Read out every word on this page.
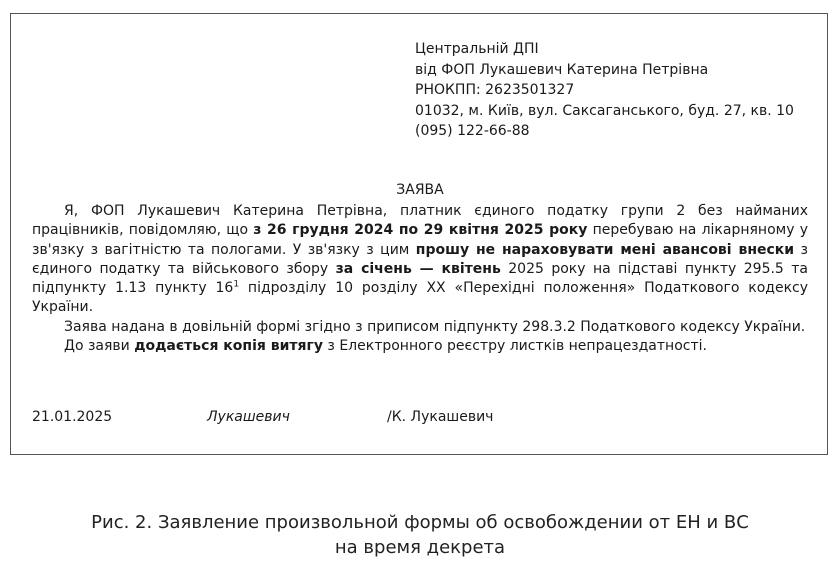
Центральній ДПІ
від ФОП Лукашевич Катерина Петрівна
РНОКПП: 2623501327
01032, м. Київ, вул. Саксаганського, буд. 27, кв. 10
(095) 122-66-88
ЗАЯВА

Я, ФОП Лукашевич Катерина Петрівна, платник єдиного податку групи 2 без найманих працівників, повідомляю, що з 26 грудня 2024 по 29 квітня 2025 року перебуваю на лікарняному у зв'язку з вагітністю та пологами. У зв'язку з цим прошу не нараховувати мені авансові внески з єдиного податку та військового збору за січень — квітень 2025 року на підставі пункту 295.5 та підпункту 1.13 пункту $16^1$ підрозділу 10 розділу XX «Перехідні положення» Податкового кодексу України.

Заява надана в довільній формі згідно з приписом підпункту 298.3.2 Податкового кодексу України.

До заяви додається копія витягу з Електронного реєстру листків непрацездатності.

21.01.2025	Лукашевич	/К. Лукашевич
Рис. 2. Заявление произвольной формы об освобождении от ЕН и ВС
на время декрета
